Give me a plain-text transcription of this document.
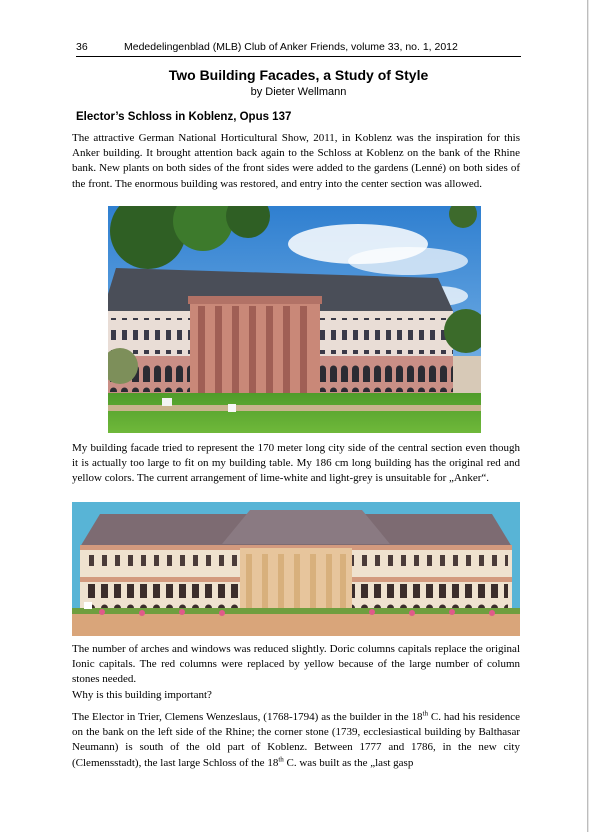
36	Mededelingenblad (MLB) Club of Anker Friends, volume 33, no. 1, 2012
Two Building Facades, a Study of Style
by Dieter Wellmann
Elector’s Schloss in Koblenz, Opus 137

The attractive German National Horticultural Show, 2011, in Koblenz was the inspiration for this Anker building. It brought attention back again to the Schloss at Koblenz on the bank of the Rhine bank. New plants on both sides of the front sides were added to the gardens (Lenné) on both sides of the front. The enormous building was restored, and entry into the center section was allowed.

My building facade tried to represent the 170 meter long city side of the central section even though it is actually too large to fit on my building table. My 186 cm long building has the original red and yellow colors. The current arrangement of lime-white and light-grey is unsuitable for „Anker“.

The number of arches and windows was reduced slightly. Doric columns capitals replace the original Ionic capitals. The red columns were replaced by yellow because of the large number of column stones needed.

Why is this building important?

The Elector in Trier, Clemens Wenzeslaus, (1768-1794) as the builder in the 18th C. had his residence on the bank on the left side of the Rhine; the corner stone (1739, ecclesiastical building by Balthasar Neumann) is south of the old part of Koblenz. Between 1777 and 1786, in the new city (Clemensstadt), the last large Schloss of the 18th C. was built as the „last gasp
